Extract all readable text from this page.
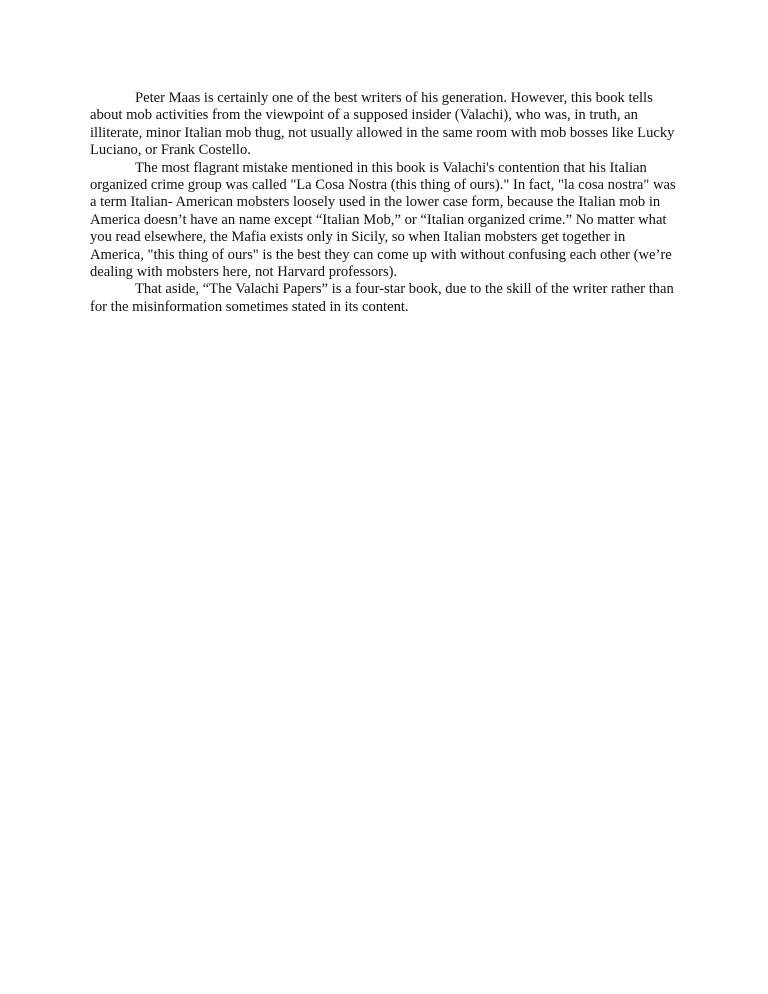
Peter Maas is certainly one of the best writers of his generation. However, this book tells about mob activities from the viewpoint of a supposed insider (Valachi), who was, in truth, an illiterate, minor Italian mob thug, not usually allowed in the same room with mob bosses like Lucky Luciano, or Frank Costello.

The most flagrant mistake mentioned in this book is Valachi's contention that his Italian organized crime group was called "La Cosa Nostra (this thing of ours)." In fact, "la cosa nostra" was a term Italian- American mobsters loosely used in the lower case form, because the Italian mob in America doesn’t have an name except “Italian Mob,” or “Italian organized crime.” No matter what you read elsewhere, the Mafia exists only in Sicily, so when Italian mobsters get together in America, "this thing of ours" is the best they can come up with without confusing each other (we’re dealing with mobsters here, not Harvard professors).

That aside, “The Valachi Papers” is a four-star book, due to the skill of the writer rather than for the misinformation sometimes stated in its content.
